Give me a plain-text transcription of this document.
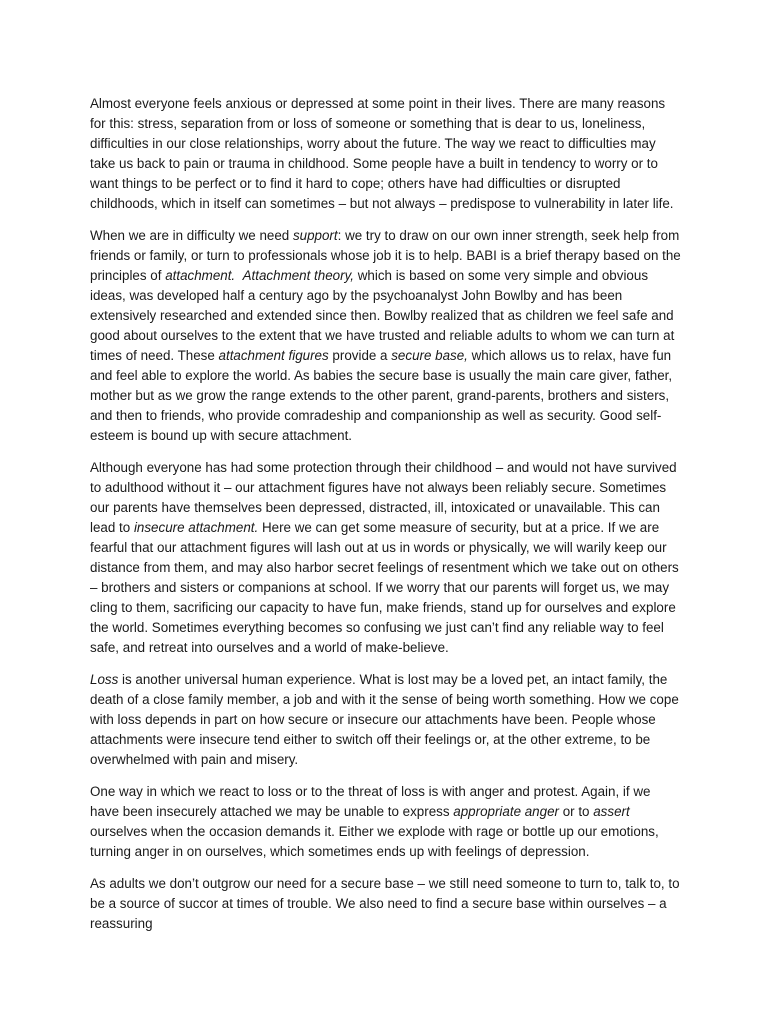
Almost everyone feels anxious or depressed at some point in their lives. There are many reasons for this: stress, separation from or loss of someone or something that is dear to us, loneliness, difficulties in our close relationships, worry about the future. The way we react to difficulties may take us back to pain or trauma in childhood. Some people have a built in tendency to worry or to want things to be perfect or to find it hard to cope; others have had difficulties or disrupted childhoods, which in itself can sometimes – but not always – predispose to vulnerability in later life.

When we are in difficulty we need support: we try to draw on our own inner strength, seek help from friends or family, or turn to professionals whose job it is to help. BABI is a brief therapy based on the principles of attachment. Attachment theory, which is based on some very simple and obvious ideas, was developed half a century ago by the psychoanalyst John Bowlby and has been extensively researched and extended since then. Bowlby realized that as children we feel safe and good about ourselves to the extent that we have trusted and reliable adults to whom we can turn at times of need. These attachment figures provide a secure base, which allows us to relax, have fun and feel able to explore the world. As babies the secure base is usually the main care giver, father, mother but as we grow the range extends to the other parent, grand-parents, brothers and sisters, and then to friends, who provide comradeship and companionship as well as security. Good self-esteem is bound up with secure attachment.

Although everyone has had some protection through their childhood – and would not have survived to adulthood without it – our attachment figures have not always been reliably secure. Sometimes our parents have themselves been depressed, distracted, ill, intoxicated or unavailable. This can lead to insecure attachment. Here we can get some measure of security, but at a price. If we are fearful that our attachment figures will lash out at us in words or physically, we will warily keep our distance from them, and may also harbor secret feelings of resentment which we take out on others – brothers and sisters or companions at school. If we worry that our parents will forget us, we may cling to them, sacrificing our capacity to have fun, make friends, stand up for ourselves and explore the world. Sometimes everything becomes so confusing we just can’t find any reliable way to feel safe, and retreat into ourselves and a world of make-believe.

Loss is another universal human experience. What is lost may be a loved pet, an intact family, the death of a close family member, a job and with it the sense of being worth something. How we cope with loss depends in part on how secure or insecure our attachments have been. People whose attachments were insecure tend either to switch off their feelings or, at the other extreme, to be overwhelmed with pain and misery.

One way in which we react to loss or to the threat of loss is with anger and protest. Again, if we have been insecurely attached we may be unable to express appropriate anger or to assert ourselves when the occasion demands it. Either we explode with rage or bottle up our emotions, turning anger in on ourselves, which sometimes ends up with feelings of depression.

As adults we don’t outgrow our need for a secure base – we still need someone to turn to, talk to, to be a source of succor at times of trouble. We also need to find a secure base within ourselves – a reassuring
